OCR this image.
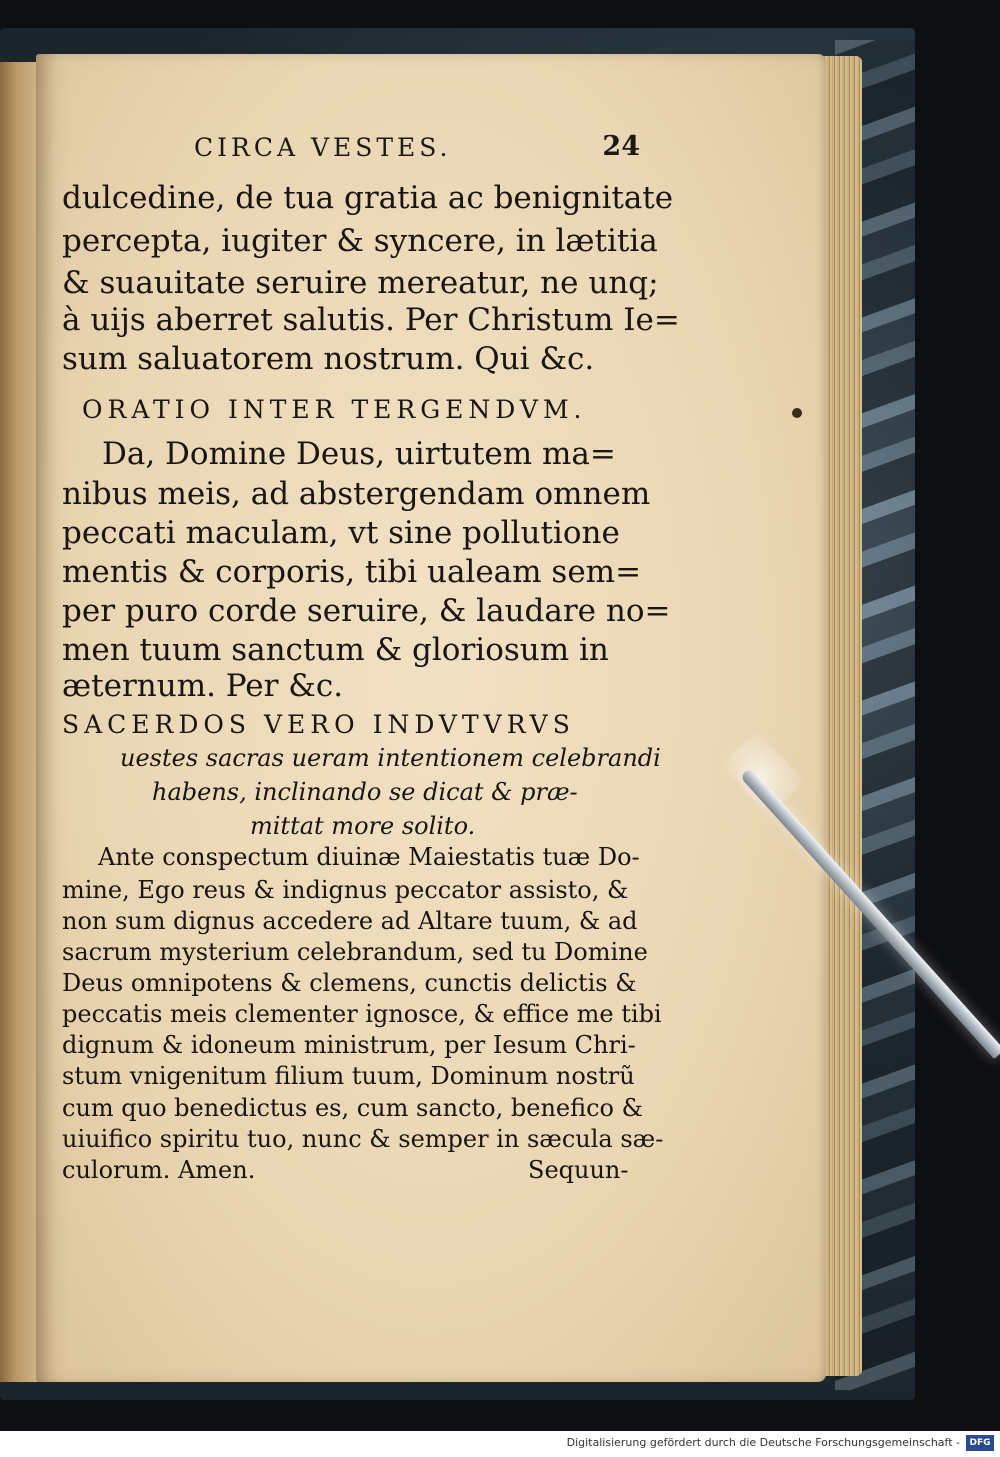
CIRCA VESTES.	24
dulcedine, de tua gratia ac benignitate
percepta, iugiter & syncere, in lætitia
& suauitate seruire mereatur, ne unq;
à uijs aberret salutis. Per Christum Ie=
sum saluatorem nostrum. Qui &c.
ORATIO INTER TERGENDVM.
Da, Domine Deus, uirtutem ma=
nibus meis, ad abstergendam omnem
peccati maculam, vt sine pollutione
mentis & corporis, tibi ualeam sem=
per puro corde seruire, & laudare no=
men tuum sanctum & gloriosum in
æternum. Per &c.
SACERDOS VERO INDVTVRVS
uestes sacras ueram intentionem celebrandi
habens, inclinando se dicat & præ-
mittat more solito.
Ante conspectum diuinæ Maiestatis tuæ Do-
mine, Ego reus & indignus peccator assisto, &
non sum dignus accedere ad Altare tuum, & ad
sacrum mysterium celebrandum, sed tu Domine
Deus omnipotens & clemens, cunctis delictis &
peccatis meis clementer ignosce, & effice me tibi
dignum & idoneum ministrum, per Iesum Chri-
stum vnigenitum filium tuum, Dominum nostrũ
cum quo benedictus es, cum sancto, benefico &
uiuifico spiritu tuo, nunc & semper in sæcula sæ-
culorum. Amen.	Sequun-
Digitalisierung gefördert durch die Deutsche Forschungsgemeinschaft -	DFG
